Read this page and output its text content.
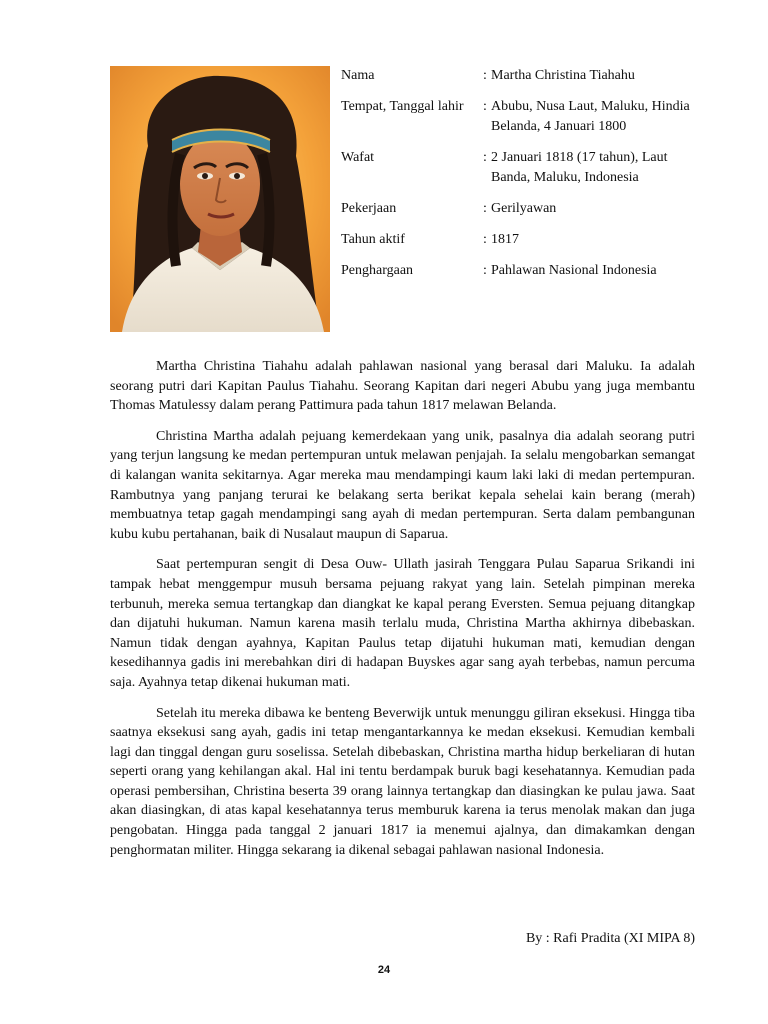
Nama	: Martha Christina Tiahahu
Tempat, Tanggal lahir	: Abubu, Nusa Laut, Maluku, Hindia Belanda, 4 Januari 1800
Wafat	: 2 Januari 1818 (17 tahun), Laut Banda, Maluku, Indonesia
Pekerjaan	: Gerilyawan
Tahun aktif	: 1817
Penghargaan	: Pahlawan Nasional Indonesia

Martha Christina Tiahahu adalah pahlawan nasional yang berasal dari Maluku. Ia adalah seorang putri dari Kapitan Paulus Tiahahu. Seorang Kapitan dari negeri Abubu yang juga membantu Thomas Matulessy dalam perang Pattimura pada tahun 1817 melawan Belanda.

Christina Martha adalah pejuang kemerdekaan yang unik, pasalnya dia adalah seorang putri yang terjun langsung ke medan pertempuran untuk melawan penjajah. Ia selalu mengobarkan semangat di kalangan wanita sekitarnya. Agar mereka mau mendampingi kaum laki laki di medan pertempuran. Rambutnya yang panjang terurai ke belakang serta berikat kepala sehelai kain berang (merah) membuatnya tetap gagah mendampingi sang ayah di medan pertempuran. Serta dalam pembangunan kubu kubu pertahanan, baik di Nusalaut maupun di Saparua.

Saat pertempuran sengit di Desa Ouw- Ullath jasirah Tenggara Pulau Saparua Srikandi ini tampak hebat menggempur musuh bersama pejuang rakyat yang lain. Setelah pimpinan mereka terbunuh, mereka semua tertangkap dan diangkat ke kapal perang Eversten. Semua pejuang ditangkap dan dijatuhi hukuman. Namun karena masih terlalu muda, Christina Martha akhirnya dibebaskan. Namun tidak dengan ayahnya, Kapitan Paulus tetap dijatuhi hukuman mati, kemudian dengan kesedihannya gadis ini merebahkan diri di hadapan Buyskes agar sang ayah terbebas, namun percuma saja. Ayahnya tetap dikenai hukuman mati.

Setelah itu mereka dibawa ke benteng Beverwijk untuk menunggu giliran eksekusi. Hingga tiba saatnya eksekusi sang ayah, gadis ini tetap mengantarkannya ke medan eksekusi. Kemudian kembali lagi dan tinggal dengan guru soselissa. Setelah dibebaskan, Christina martha hidup berkeliaran di hutan seperti orang yang kehilangan akal. Hal ini tentu berdampak buruk bagi kesehatannya. Kemudian pada operasi pembersihan, Christina beserta 39 orang lainnya tertangkap dan diasingkan ke pulau jawa. Saat akan diasingkan, di atas kapal kesehatannya terus memburuk karena ia terus menolak makan dan juga pengobatan. Hingga pada tanggal 2 januari 1817 ia menemui ajalnya, dan dimakamkan dengan penghormatan militer. Hingga sekarang ia dikenal sebagai pahlawan nasional Indonesia.

By : Rafi Pradita (XI MIPA 8)
24
